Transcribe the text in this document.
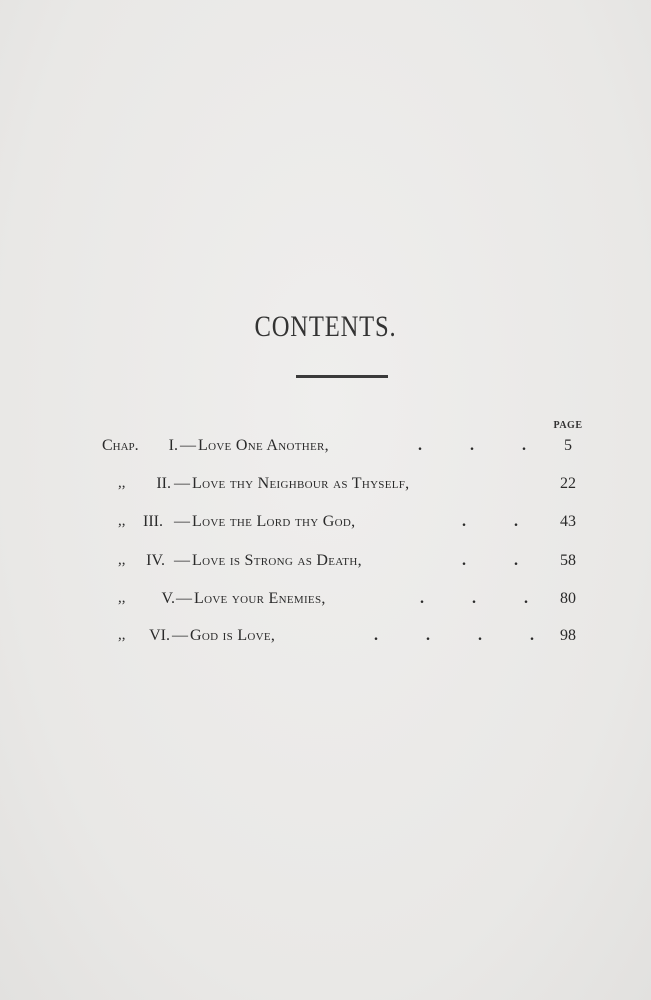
CONTENTS.
PAGE
Chap.	I. — Love One Another,	. . .	5
,,	II. — Love thy Neighbour as Thyself,	22
,,	III. — Love the Lord thy God,	. .	43
,,	IV. — Love is Strong as Death,	. .	58
,,	V. — Love your Enemies,	. . . 80
,,	VI. — God is Love,	. . . . 98
